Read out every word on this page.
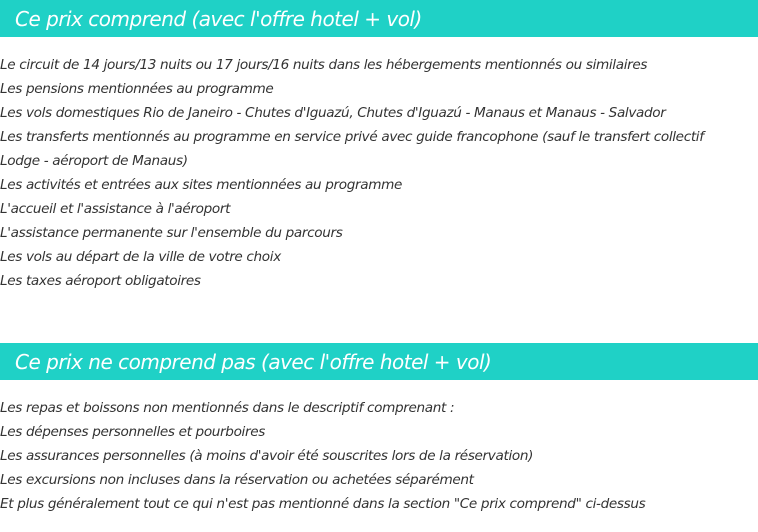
Ce prix comprend (avec l'offre hotel + vol)
Le circuit de 14 jours/13 nuits ou 17 jours/16 nuits dans les hébergements mentionnés ou similaires
Les pensions mentionnées au programme
Les vols domestiques Rio de Janeiro - Chutes d'Iguazú, Chutes d'Iguazú - Manaus et Manaus - Salvador
Les transferts mentionnés au programme en service privé avec guide francophone (sauf le transfert collectif Lodge - aéroport de Manaus)
Les activités et entrées aux sites mentionnées au programme
L'accueil et l'assistance à l'aéroport
L'assistance permanente sur l'ensemble du parcours
Les vols au départ de la ville de votre choix
Les taxes aéroport obligatoires
Ce prix ne comprend pas (avec l'offre hotel + vol)
Les repas et boissons non mentionnés dans le descriptif comprenant :
Les dépenses personnelles et pourboires
Les assurances personnelles (à moins d'avoir été souscrites lors de la réservation)
Les excursions non incluses dans la réservation ou achetées séparément
Et plus généralement tout ce qui n'est pas mentionné dans la section "Ce prix comprend" ci-dessus
